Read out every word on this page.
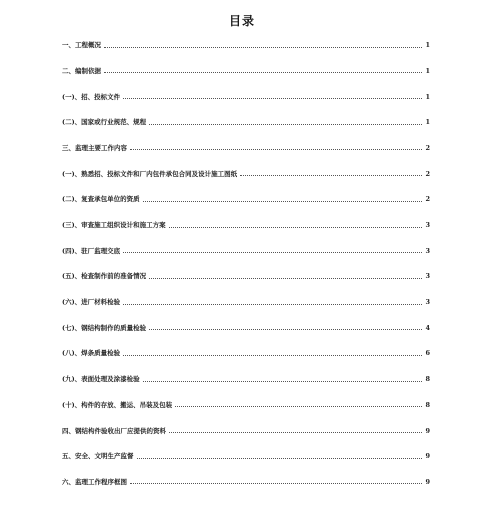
目录
一、工程概况	1
二、编制依据	1
(一)、招、投标文件	1
(二)、国家或行业规范、规程	1
三、监理主要工作内容	2
(一)、熟悉招、投标文件和厂内包件承包合同及设计施工图纸	2
(二)、复查承包单位的资质	2
(三)、审查施工组织设计和施工方案	3
(四)、驻厂监理交底	3
(五)、检查制作前的准备情况	3
(六)、进厂材料检验	3
(七)、钢结构制作的质量检验	4
(八)、焊条质量检验	6
(九)、表面处理及涂漆检验	8
(十)、构件的存放、搬运、吊装及包装	8
四、钢结构件验收出厂应提供的资料	9
五、安全、文明生产监督	9
六、监理工作程序框图	9
